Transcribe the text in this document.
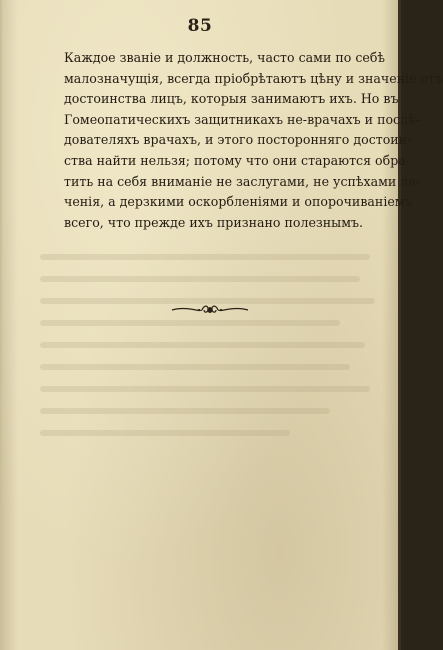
85
Каждое званіе и должность, часто сами по себѣ
малозначущія, всегда пріобрѣтаютъ цѣну и значеніе отъ
достоинства лицъ, которыя занимаютъ ихъ. Но въ
Гомеопатическихъ защитникахъ не-врачахъ и послѣ-
дователяхъ врачахъ, и этого посторонняго достоин-
ства найти нельзя; потому что они стараются обра-
тить на себя вниманіе не заслугами, не успѣхами ле-
ченія, а дерзкими оскорбленіями и опорочиваніемъ
всего, что прежде ихъ признано полезнымъ.
